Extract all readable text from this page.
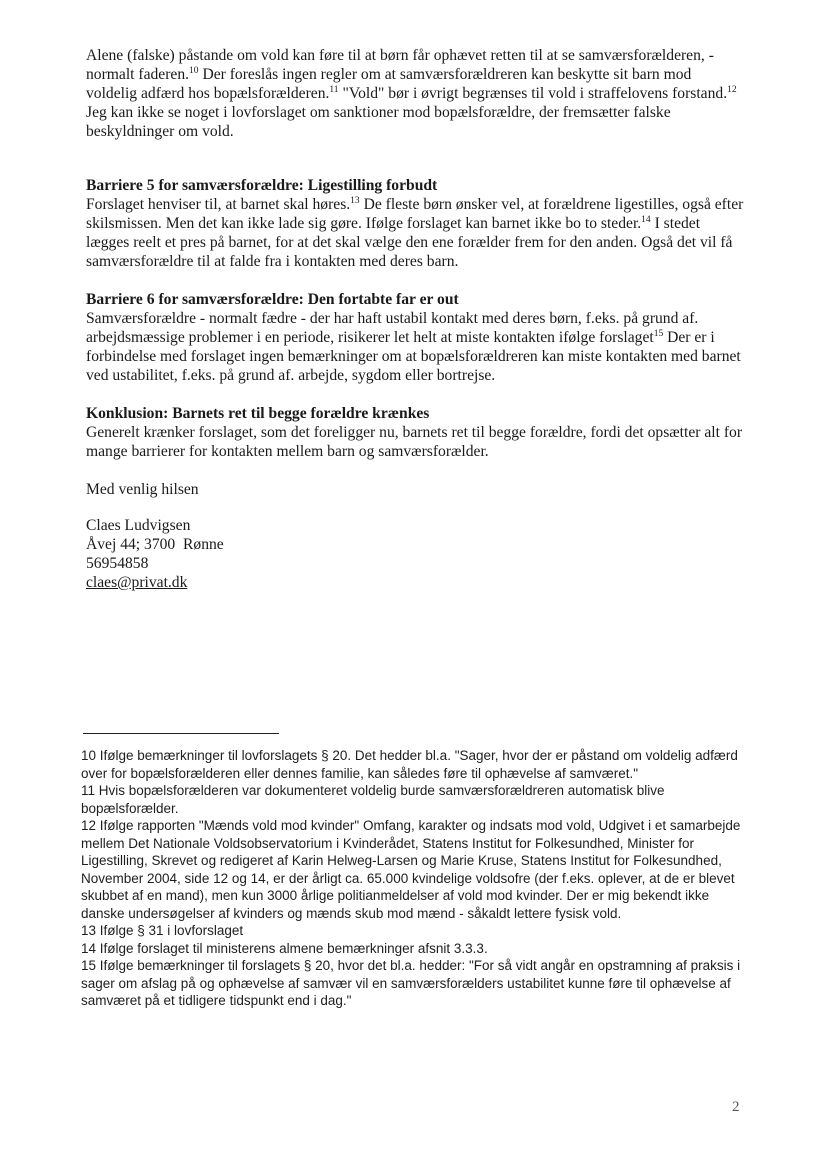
Alene (falske) påstande om vold kan føre til at børn får ophævet retten til at se samværsforælderen, - normalt faderen.$^{10}$ Der foreslås ingen regler om at samværsforældreren kan beskytte sit barn mod voldelig adfærd hos bopælsforælderen.$^{11}$ "Vold" bør i øvrigt begrænses til vold i straffelovens forstand.$^{12}$ Jeg kan ikke se noget i lovforslaget om sanktioner mod bopælsforældre, der fremsætter falske beskyldninger om vold.

Barriere 5 for samværsforældre: Ligestilling forbudt

Forslaget henviser til, at barnet skal høres.$^{13}$ De fleste børn ønsker vel, at forældrene ligestilles, også efter skilsmissen. Men det kan ikke lade sig gøre. Ifølge forslaget kan barnet ikke bo to steder.$^{14}$ I stedet lægges reelt et pres på barnet, for at det skal vælge den ene forælder frem for den anden. Også det vil få samværsforældre til at falde fra i kontakten med deres barn.

Barriere 6 for samværsforældre: Den fortabte far er out

Samværsforældre - normalt fædre - der har haft ustabil kontakt med deres børn, f.eks. på grund af. arbejdsmæssige problemer i en periode, risikerer let helt at miste kontakten ifølge forslaget$^{15}$ Der er i forbindelse med forslaget ingen bemærkninger om at bopælsforældreren kan miste kontakten med barnet ved ustabilitet, f.eks. på grund af. arbejde, sygdom eller bortrejse.

Konklusion: Barnets ret til begge forældre krænkes

Generelt krænker forslaget, som det foreligger nu, barnets ret til begge forældre, fordi det opsætter alt for mange barrierer for kontakten mellem barn og samværsforælder.

Med venlig hilsen

Claes Ludvigsen

Åvej 44; 3700  Rønne

56954858

claes@privat.dk

10 Ifølge bemærkninger til lovforslagets § 20. Det hedder bl.a. "Sager, hvor der er påstand om voldelig adfærd over for bopælsforælderen eller dennes familie, kan således føre til ophævelse af samværet."

11 Hvis bopælsforælderen var dokumenteret voldelig burde samværsforældreren automatisk blive bopælsforælder.

12 Ifølge rapporten "Mænds vold mod kvinder" Omfang, karakter og indsats mod vold, Udgivet i et samarbejde mellem Det Nationale Voldsobservatorium i Kvinderådet, Statens Institut for Folkesundhed, Minister for Ligestilling, Skrevet og redigeret af Karin Helweg-Larsen og Marie Kruse, Statens Institut for Folkesundhed, November 2004, side 12 og 14, er der årligt ca. 65.000 kvindelige voldsofre (der f.eks. oplever, at de er blevet skubbet af en mand), men kun 3000 årlige politianmeldelser af vold mod kvinder. Der er mig bekendt ikke danske undersøgelser af kvinders og mænds skub mod mænd - såkaldt lettere fysisk vold.

13 Ifølge § 31 i lovforslaget

14 Ifølge forslaget til ministerens almene bemærkninger afsnit 3.3.3.

15 Ifølge bemærkninger til forslagets § 20, hvor det bl.a. hedder: "For så vidt angår en opstramning af praksis i sager om afslag på og ophævelse af samvær vil en samværsforælders ustabilitet kunne føre til ophævelse af samværet på et tidligere tidspunkt end i dag."

2
